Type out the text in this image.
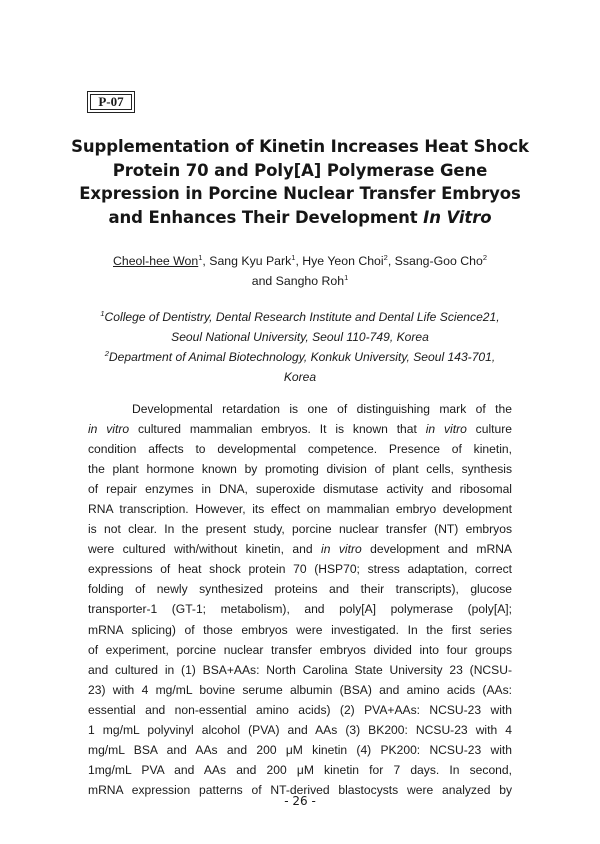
P-07
Supplementation of Kinetin Increases Heat Shock
Protein 70 and Poly[A] Polymerase Gene
Expression in Porcine Nuclear Transfer Embryos
and Enhances Their Development In Vitro
Cheol-hee Won$^1$, Sang Kyu Park$^1$, Hye Yeon Choi$^2$, Ssang-Goo Cho$^2$
and Sangho Roh$^1$
$^1$College of Dentistry, Dental Research Institute and Dental Life Science21,
Seoul National University, Seoul 110-749, Korea
$^2$Department of Animal Biotechnology, Konkuk University, Seoul 143-701,
Korea
Developmental retardation is one of distinguishing mark of the
in vitro cultured mammalian embryos. It is known that in vitro culture
condition affects to developmental competence. Presence of kinetin,
the plant hormone known by promoting division of plant cells, synthesis
of repair enzymes in DNA, superoxide dismutase activity and ribosomal
RNA transcription. However, its effect on mammalian embryo development
is not clear. In the present study, porcine nuclear transfer (NT) embryos
were cultured with/without kinetin, and in vitro development and mRNA
expressions of heat shock protein 70 (HSP70; stress adaptation, correct
folding of newly synthesized proteins and their transcripts), glucose
transporter-1 (GT-1; metabolism), and poly[A] polymerase (poly[A];
mRNA splicing) of those embryos were investigated. In the first series
of experiment, porcine nuclear transfer embryos divided into four groups
and cultured in (1) BSA+AAs: North Carolina State University 23 (NCSU-
23) with 4 mg/mL bovine serume albumin (BSA) and amino acids (AAs:
essential and non-essential amino acids) (2) PVA+AAs: NCSU-23 with
1 mg/mL polyvinyl alcohol (PVA) and AAs (3) BK200: NCSU-23 with 4
mg/mL BSA and AAs and 200 μM kinetin (4) PK200: NCSU-23 with
1mg/mL PVA and AAs and 200 μM kinetin for 7 days. In second,
mRNA expression patterns of NT-derived blastocysts were analyzed by
- 26 -
